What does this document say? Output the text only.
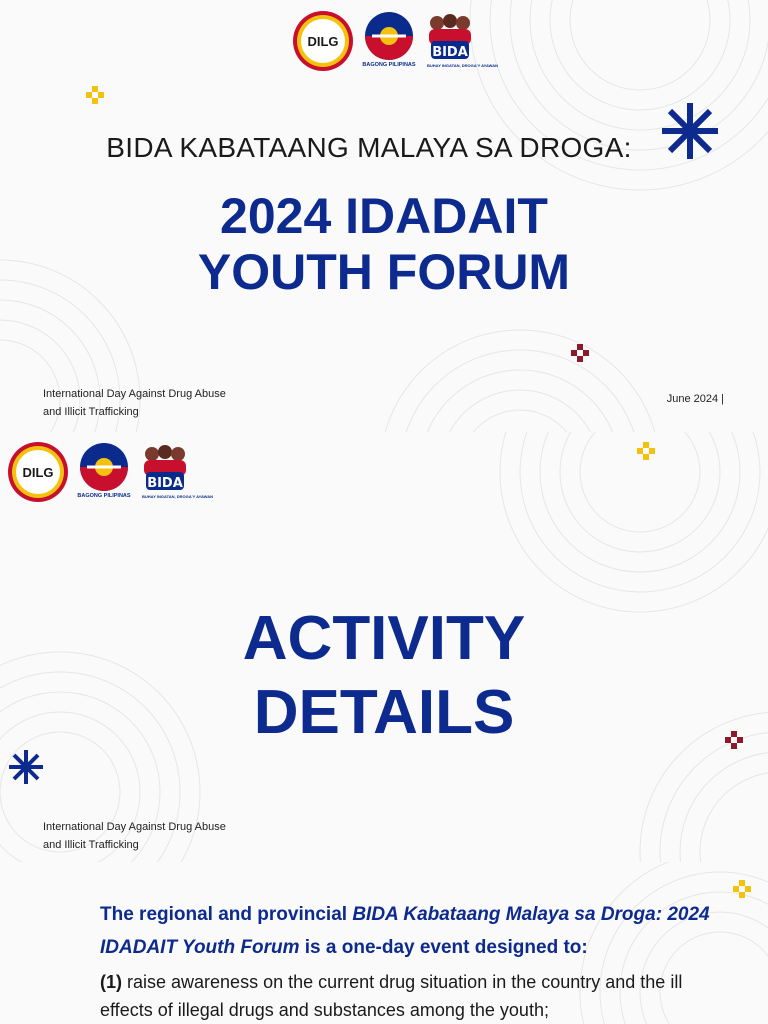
DILG
BAGONG PILIPINAS
BIDA
BUHAY INGATAN, DROGA'Y AYAWAN
BIDA KABATAANG MALAYA SA DROGA:
2024 IDADAIT
YOUTH FORUM
International Day Against Drug Abuse
and Illicit Trafficking
June 2024 |
DILG
BAGONG PILIPINAS
BIDA
BUHAY INGATAN, DROGA'Y AYAWAN
ACTIVITY
DETAILS
International Day Against Drug Abuse
and Illicit Trafficking
The regional and provincial BIDA Kabataang Malaya sa Droga: 2024 IDADAIT Youth Forum is a one-day event designed to:
(1) raise awareness on the current drug situation in the country and the ill effects of illegal drugs and substances among the youth;
